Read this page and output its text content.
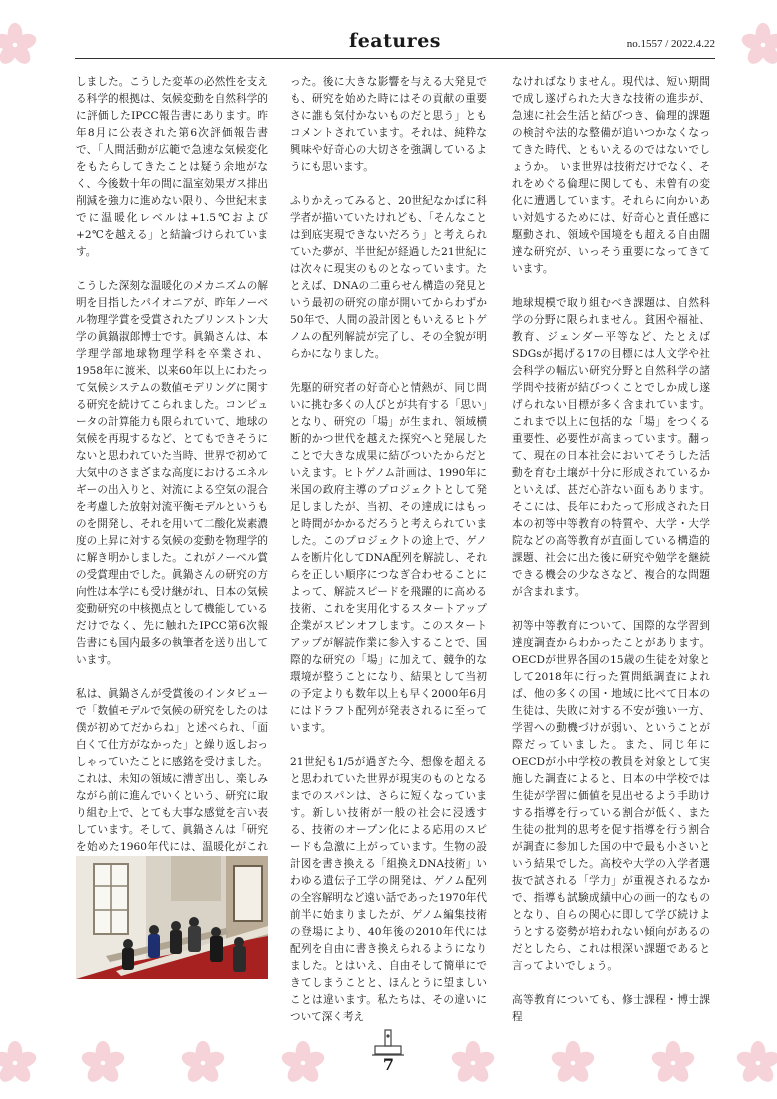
features	no.1557 / 2022.4.22

しました。こうした変革の必然性を支える科学的根拠は、気候変動を自然科学的に評価したIPCC報告書にあります。昨年8月に公表された第6次評価報告書で、「人間活動が広範で急速な気候変化をもたらしてきたことは疑う余地がなく、今後数十年の間に温室効果ガス排出削減を強力に進めない限り、今世紀末までに温暖化レベルは+1.5℃および+2℃を越える」と結論づけられています。

こうした深刻な温暖化のメカニズムの解明を目指したパイオニアが、昨年ノーベル物理学賞を受賞されたプリンストン大学の眞鍋淑郎博士です。眞鍋さんは、本学理学部地球物理学科を卒業され、1958年に渡米、以来60年以上にわたって気候システムの数値モデリングに関する研究を続けてこられました。コンピュータの計算能力も限られていて、地球の気候を再現するなど、とてもできそうにないと思われていた当時、世界で初めて大気中のさまざまな高度におけるエネルギーの出入りと、対流による空気の混合を考慮した放射対流平衡モデルというものを開発し、それを用いて二酸化炭素濃度の上昇に対する気候の変動を物理学的に解き明かしました。これがノーベル賞の受賞理由でした。眞鍋さんの研究の方向性は本学にも受け継がれ、日本の気候変動研究の中核拠点として機能しているだけでなく、先に触れたIPCC第6次報告書にも国内最多の執筆者を送り出しています。

私は、眞鍋さんが受賞後のインタビューで「数値モデルで気候の研究をしたのは僕が初めてだからね」と述べられ、「面白くて仕方がなかった」と繰り返しおっしゃっていたことに感銘を受けました。これは、未知の領域に漕ぎ出し、楽しみながら前に進んでいくという、研究に取り組む上で、とても大事な感覚を言い表しています。そして、眞鍋さんは「研究を始めた1960年代には、温暖化がこれ

った。後に大きな影響を与える大発見でも、研究を始めた時にはその貢献の重要さに誰も気付かないものだと思う」ともコメントされています。それは、純粋な興味や好奇心の大切さを強調しているようにも思います。

ふりかえってみると、20世紀なかばに科学者が描いていたけれども、「そんなことは到底実現できないだろう」と考えられていた夢が、半世紀が経過した21世紀には次々に現実のものとなっています。たとえば、DNAの二重らせん構造の発見という最初の研究の扉が開いてからわずか50年で、人間の設計図ともいえるヒトゲノムの配列解読が完了し、その全貌が明らかになりました。

先駆的研究者の好奇心と情熱が、同じ問いに挑む多くの人びとが共有する「思い」となり、研究の「場」が生まれ、領域横断的かつ世代を越えた探究へと発展したことで大きな成果に結びついたからだといえます。ヒトゲノム計画は、1990年に米国の政府主導のプロジェクトとして発足しましたが、当初、その達成にはもっと時間がかかるだろうと考えられていました。このプロジェクトの途上で、ゲノムを断片化してDNA配列を解読し、それらを正しい順序につなぎ合わせることによって、解読スピードを飛躍的に高める技術、これを実用化するスタートアップ企業がスピンオフします。このスタートアップが解読作業に参入することで、国際的な研究の「場」に加えて、競争的な環境が整うことになり、結果として当初の予定よりも数年以上も早く2000年6月にはドラフト配列が発表されるに至っています。

21世紀も1/5が過ぎた今、想像を超えると思われていた世界が現実のものとなるまでのスパンは、さらに短くなっています。新しい技術が一般の社会に浸透する、技術のオープン化による応用のスピードも急激に上がっています。生物の設計図を書き換える「組換えDNA技術」いわゆる遺伝子工学の開発は、ゲノム配列の全容解明など遠い話であった1970年代前半に始まりましたが、ゲノム編集技術の登場により、40年後の2010年代には配列を自由に書き換えられるようになりました。とはいえ、自由そして簡単にできてしまうことと、ほんとうに望ましいことは違います。私たちは、その違いについて深く考え

なければなりません。現代は、短い期間で成し遂げられた大きな技術の進歩が、急速に社会生活と結びつき、倫理的課題の検討や法的な整備が追いつかなくなってきた時代、ともいえるのではないでしょうか。　いま世界は技術だけでなく、それをめぐる倫理に関しても、未曾有の変化に遭遇しています。それらに向かいあい対処するためには、好奇心と責任感に駆動され、領域や国境をも超える自由闊達な研究が、いっそう重要になってきています。

地球規模で取り組むべき課題は、自然科学の分野に限られません。貧困や福祉、教育、ジェンダー平等など、たとえばSDGsが掲げる17の目標には人文学や社会科学の幅広い研究分野と自然科学の諸学問や技術が結びつくことでしか成し遂げられない目標が多く含まれています。これまで以上に包括的な「場」をつくる重要性、必要性が高まっています。翻って、現在の日本社会においてそうした活動を育む土壌が十分に形成されているかといえば、甚だ心許ない面もあります。そこには、長年にわたって形成された日本の初等中等教育の特質や、大学・大学院などの高等教育が直面している構造的課題、社会に出た後に研究や勉学を継続できる機会の少なさなど、複合的な問題が含まれます。

初等中等教育について、国際的な学習到達度調査からわかったことがあります。OECDが世界各国の15歳の生徒を対象として2018年に行った質問紙調査によれば、他の多くの国・地域に比べて日本の生徒は、失敗に対する不安が強い一方、学習への動機づけが弱い、ということが際だっていました。また、同じ年にOECDが小中学校の教員を対象として実施した調査によると、日本の中学校では生徒が学習に価値を見出せるよう手助けする指導を行っている割合が低く、また生徒の批判的思考を促す指導を行う割合が調査に参加した国の中で最も小さいという結果でした。高校や大学の入学者選抜で試される「学力」が重視されるなかで、指導も試験成績中心の画一的なものとなり、自らの関心に即して学び続けようとする姿勢が培われない傾向があるのだとしたら、これは根深い課題であると言ってよいでしょう。

高等教育についても、修士課程・博士課程

7
